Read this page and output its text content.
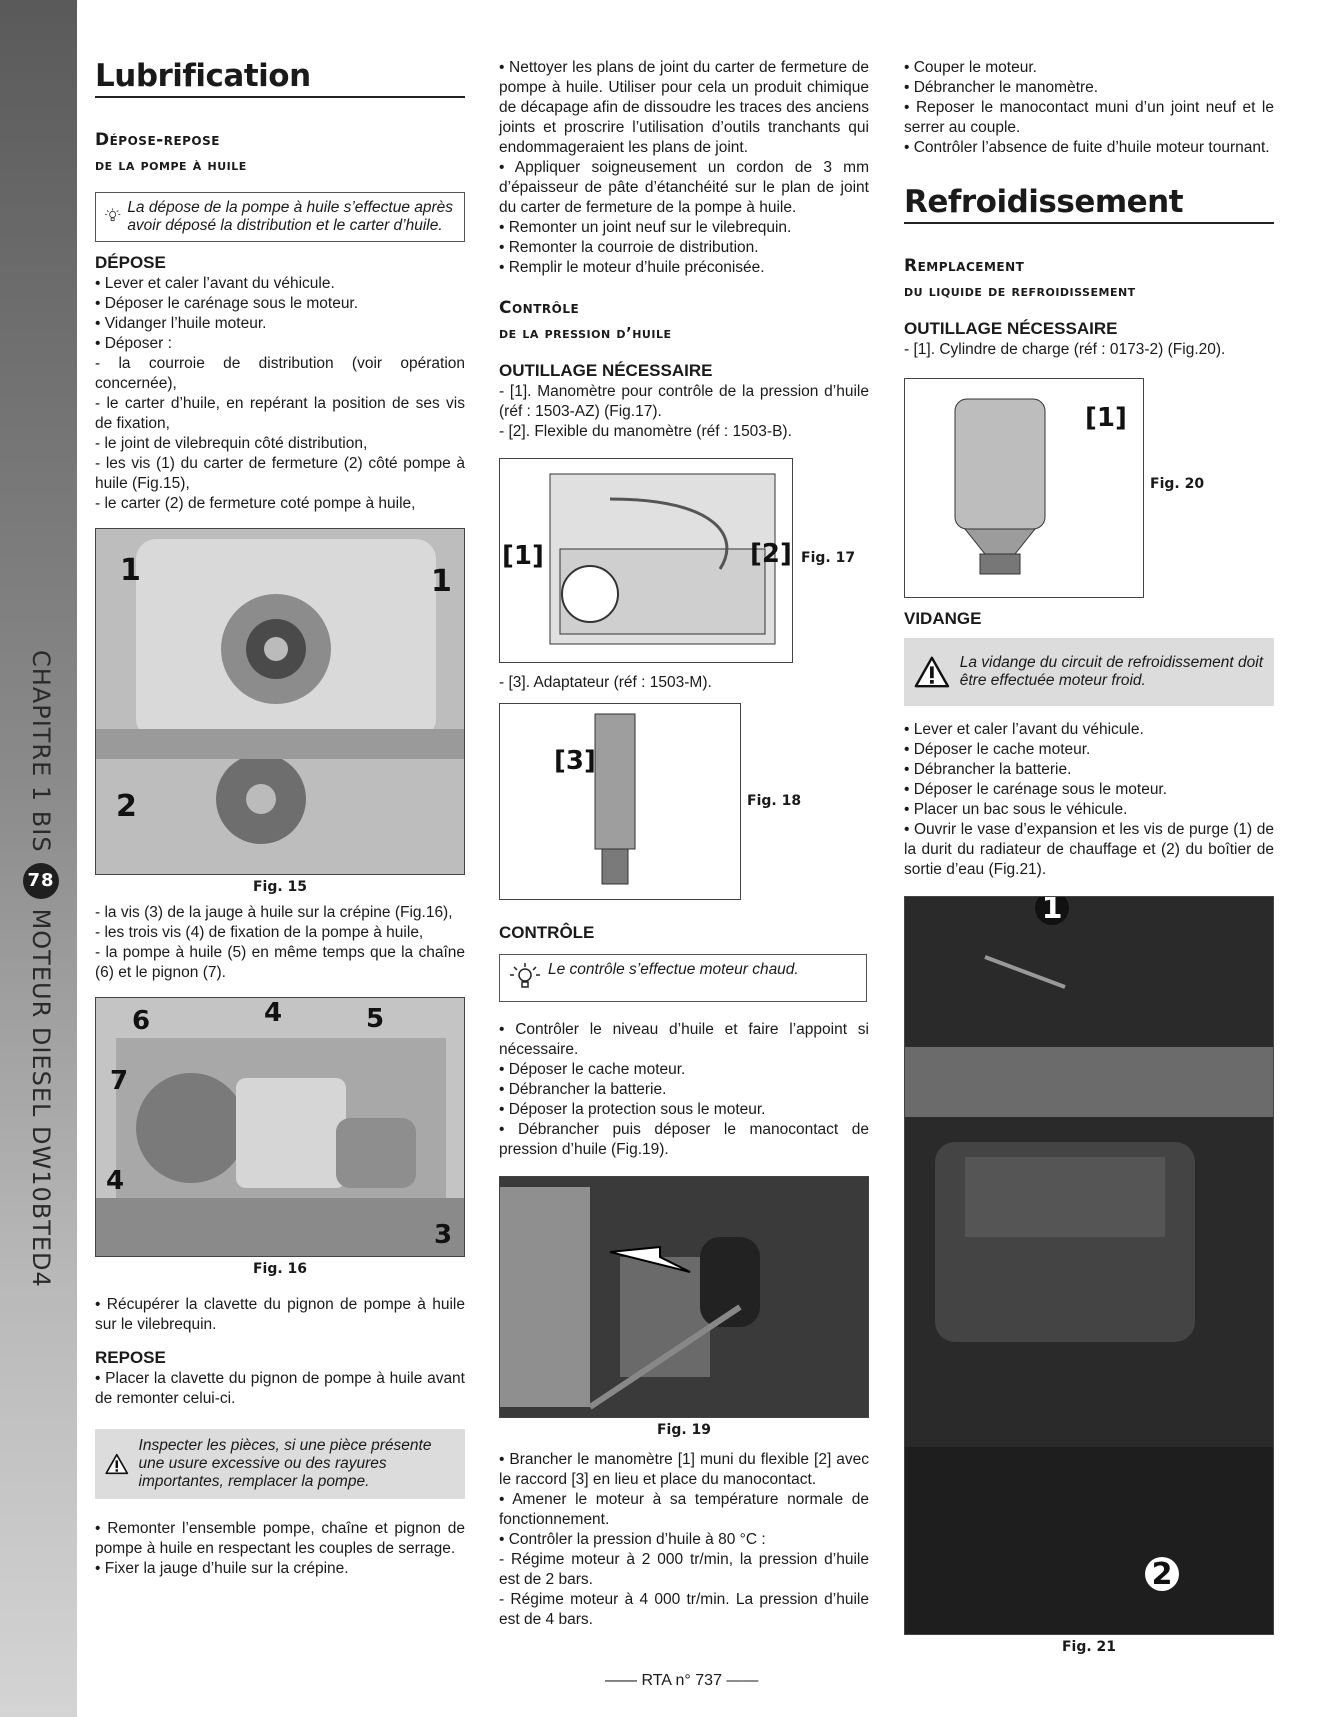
CHAPITRE 1 BIS
78
MOTEUR DIESEL DW10BTED4
Lubrification
Dépose-repose
de la pompe à huile
La dépose de la pompe à huile s’effectue après avoir déposé la distribution et le carter d’huile.
DÉPOSE

• Lever et caler l’avant du véhicule.

• Déposer le carénage sous le moteur.

• Vidanger l’huile moteur.

• Déposer :

- la courroie de distribution (voir opération concernée),

- le carter d’huile, en repérant la position de ses vis de fixation,

- le joint de vilebrequin côté distribution,

- les vis (1) du carter de fermeture (2) côté pompe à huile (Fig.15),

- le carter (2) de fermeture coté pompe à huile,

1	1
2
Fig. 15

- la vis (3) de la jauge à huile sur la crépine (Fig.16),

- les trois vis (4) de fixation de la pompe à huile,

- la pompe à huile (5) en même temps que la chaîne (6) et le pignon (7).

6	4	5
7
4
3
Fig. 16

• Récupérer la clavette du pignon de pompe à huile sur le vilebrequin.

REPOSE

• Placer la clavette du pignon de pompe à huile avant de remonter celui-ci.

Inspecter les pièces, si une pièce présente une usure excessive ou des rayures importantes, remplacer la pompe.

• Remonter l’ensemble pompe, chaîne et pignon de pompe à huile en respectant les couples de serrage.

• Fixer la jauge d’huile sur la crépine.

• Nettoyer les plans de joint du carter de fermeture de pompe à huile. Utiliser pour cela un produit chimique de décapage afin de dissoudre les traces des anciens joints et proscrire l’utilisation d’outils tranchants qui endommageraient les plans de joint.

• Appliquer soigneusement un cordon de 3 mm d’épaisseur de pâte d’étanchéité sur le plan de joint du carter de fermeture de la pompe à huile.

• Remonter un joint neuf sur le vilebrequin.

• Remonter la courroie de distribution.

• Remplir le moteur d’huile préconisée.

Contrôle
de la pression d’huile
OUTILLAGE NÉCESSAIRE

- [1]. Manomètre pour contrôle de la pression d’huile (réf : 1503-AZ) (Fig.17).

- [2]. Flexible du manomètre (réf : 1503-B).

[1]	[2] Fig. 17

- [3]. Adaptateur (réf : 1503-M).

[3]
Fig. 18
CONTRÔLE
Le contrôle s’effectue moteur chaud.

• Contrôler le niveau d’huile et faire l’appoint si nécessaire.

• Déposer le cache moteur.

• Débrancher la batterie.

• Déposer la protection sous le moteur.

• Débrancher puis déposer le manocontact de pression d’huile (Fig.19).

Fig. 19

• Brancher le manomètre [1] muni du flexible [2] avec le raccord [3] en lieu et place du manocontact.

• Amener le moteur à sa température normale de fonctionnement.

• Contrôler la pression d’huile à 80 °C :

- Régime moteur à 2 000 tr/min, la pression d’huile est de 2 bars.

- Régime moteur à 4 000 tr/min. La pression d’huile est de 4 bars.

• Couper le moteur.

• Débrancher le manomètre.

• Reposer le manocontact muni d’un joint neuf et le serrer au couple.

• Contrôler l’absence de fuite d’huile moteur tournant.

Refroidissement
Remplacement
du liquide de refroidissement
OUTILLAGE NÉCESSAIRE

- [1]. Cylindre de charge (réf : 0173-2) (Fig.20).

[1]
Fig. 20
VIDANGE
La vidange du circuit de refroidissement doit être effectuée moteur froid.

• Lever et caler l’avant du véhicule.

• Déposer le cache moteur.

• Débrancher la batterie.

• Déposer le carénage sous le moteur.

• Placer un bac sous le véhicule.

• Ouvrir le vase d’expansion et les vis de purge (1) de la durit du radiateur de chauffage et (2) du boîtier de sortie d’eau (Fig.21).

1
2
Fig. 21
—— RTA n° 737 ——
